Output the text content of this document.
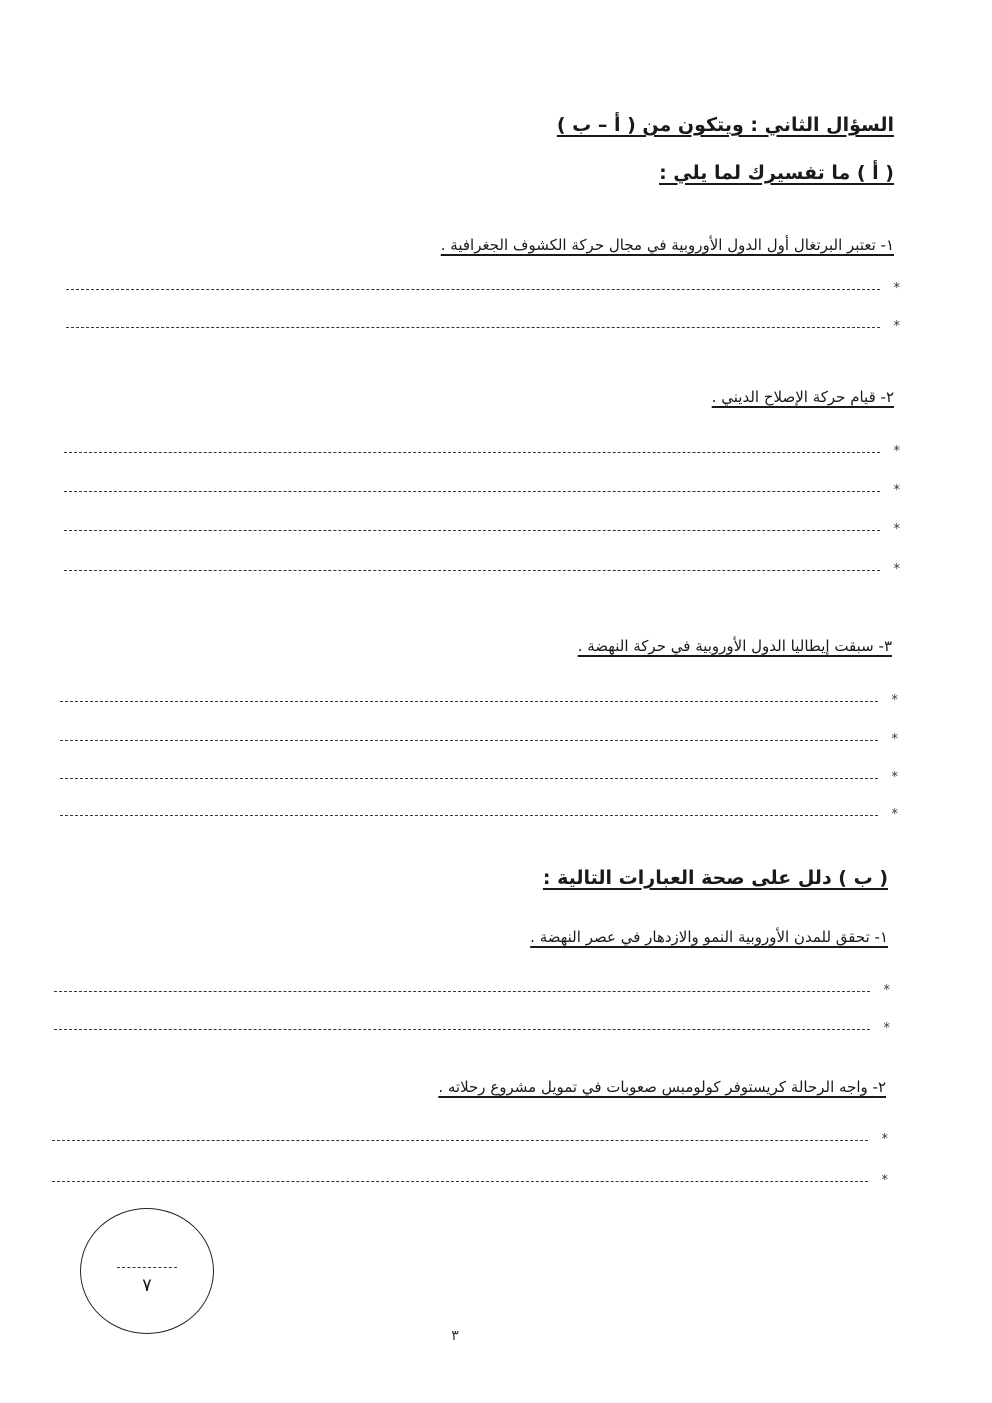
السؤال الثاني : ويتكون من ( أ – ب )
( أ ) ما تفسيرك لما يلي :
١- تعتبر البرتغال أول الدول الأوروبية في مجال حركة الكشوف الجغرافية .
*
*
٢- قيام حركة الإصلاح الديني .
*
*
*
*
٣- سبقت إيطاليا الدول الأوروبية في حركة النهضة .
*
*
*
*
( ب ) دلل على صحة العبارات التالية :
١- تحقق للمدن الأوروبية النمو والازدهار في عصر النهضة .
*
*
٢- واجه الرحالة كريستوفر كولومبس صعوبات في تمويل مشروع رحلاته .
*
*
٧
٣
